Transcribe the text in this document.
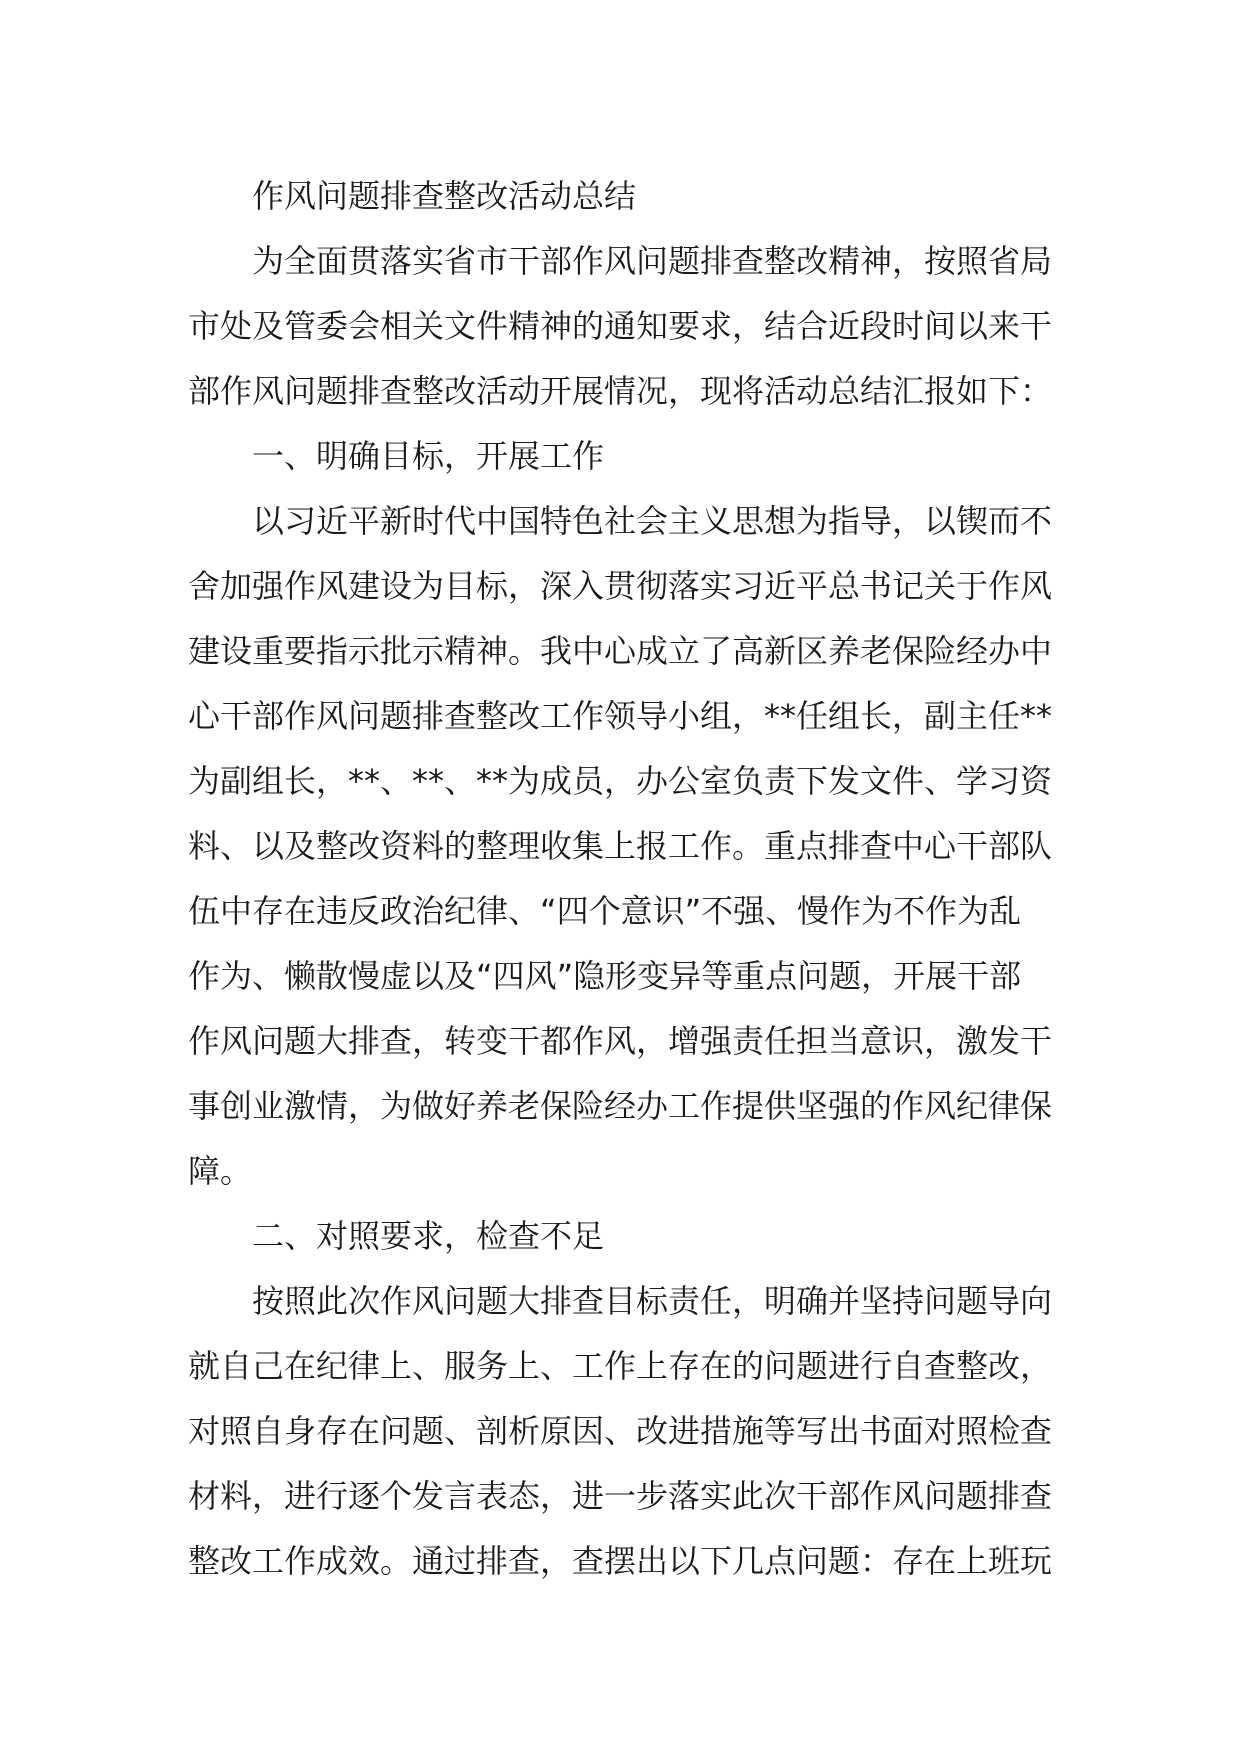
作风问题排查整改活动总结
为全面贯落实省市干部作风问题排查整改精神，按照省局
市处及管委会相关文件精神的通知要求，结合近段时间以来干
部作风问题排查整改活动开展情况，现将活动总结汇报如下：
一、明确目标，开展工作
以习近平新时代中国特色社会主义思想为指导，以锲而不
舍加强作风建设为目标，深入贯彻落实习近平总书记关于作风
建设重要指示批示精神。我中心成立了高新区养老保险经办中
心干部作风问题排查整改工作领导小组，**任组长，副主任**
为副组长，**、**、**为成员，办公室负责下发文件、学习资
料、以及整改资料的整理收集上报工作。重点排查中心干部队
伍中存在违反政治纪律、“四个意识”不强、慢作为不作为乱
作为、懒散慢虚以及“四风”隐形变异等重点问题，开展干部
作风问题大排查，转变干都作风，增强责任担当意识，激发干
事创业激情，为做好养老保险经办工作提供坚强的作风纪律保
障。
二、对照要求，检查不足
按照此次作风问题大排查目标责任，明确并坚持问题导向
就自己在纪律上、服务上、工作上存在的问题进行自查整改，
对照自身存在问题、剖析原因、改进措施等写出书面对照检查
材料，进行逐个发言表态，进一步落实此次干部作风问题排查
整改工作成效。通过排查，查摆出以下几点问题：存在上班玩
